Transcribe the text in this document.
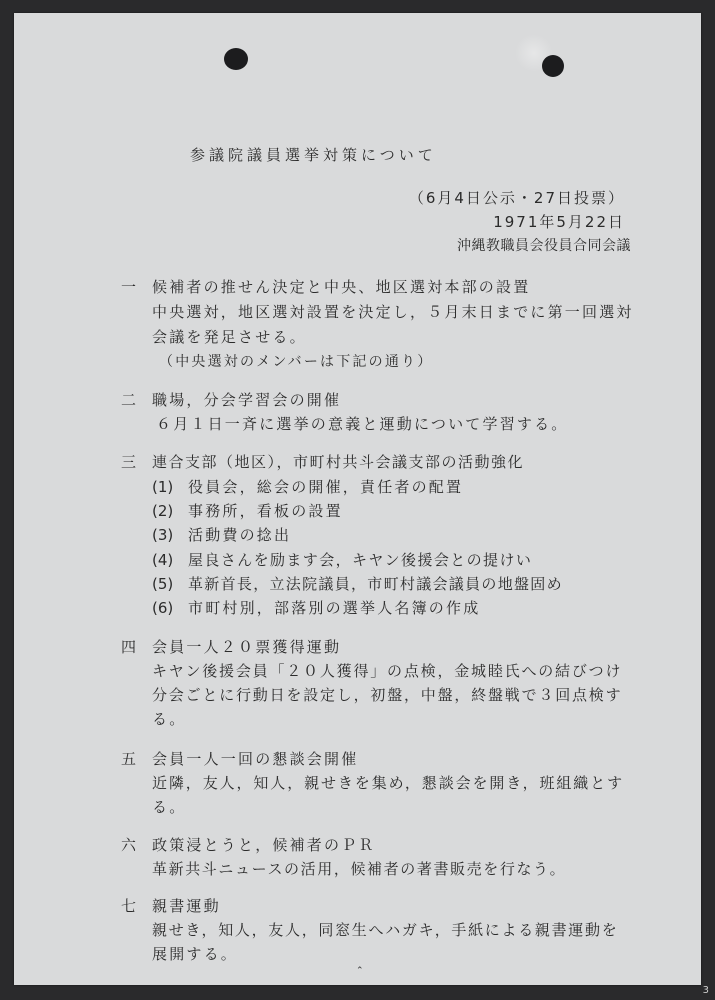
参議院議員選挙対策について
（6月4日公示・27日投票）
1971年5月22日
沖縄教職員会役員合同会議
一	候補者の推せん決定と中央、地区選対本部の設置
中央選対，地区選対設置を決定し，５月末日までに第一回選対
会議を発足させる。
（中央選対のメンバーは下記の通り）
二	職場，分会学習会の開催
６月１日一斉に選挙の意義と運動について学習する。
三	連合支部（地区），市町村共斗会議支部の活動強化
(1) 役員会，総会の開催，責任者の配置
(2) 事務所，看板の設置
(3) 活動費の捻出
(4) 屋良さんを励ます会，キヤン後援会との提けい
(5) 革新首長，立法院議員，市町村議会議員の地盤固め
(6) 市町村別，部落別の選挙人名簿の作成
四	会員一人２０票獲得運動
キヤン後援会員「２０人獲得」の点検，金城睦氏への結びつけ
分会ごとに行動日を設定し，初盤，中盤，終盤戦で３回点検す
る。
五	会員一人一回の懇談会開催
近隣，友人，知人，親せきを集め，懇談会を開き，班組織とす
る。
六	政策浸とうと，候補者のＰＲ
革新共斗ニュースの活用，候補者の著書販売を行なう。
七	親書運動
親せき，知人，友人，同窓生へハガキ，手紙による親書運動を
展開する。
⌃
3
